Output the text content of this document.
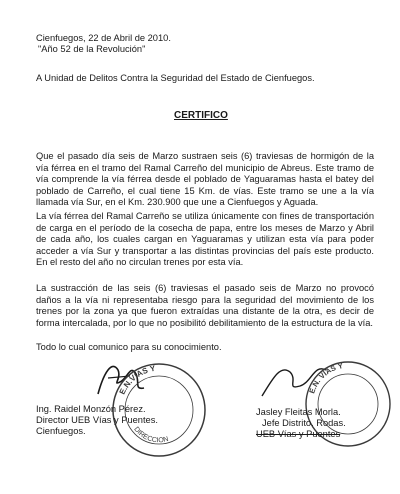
Cienfuegos, 22 de Abril de 2010.
"Año 52 de la Revolución"
A Unidad de Delitos Contra la Seguridad del Estado de Cienfuegos.
CERTIFICO
Que el pasado día seis de Marzo sustraen seis (6) traviesas de hormigón de la vía férrea en el tramo del Ramal Carreño del municipio de Abreus. Este tramo de vía comprende la vía férrea desde el poblado de Yaguaramas hasta el batey del poblado de Carreño, el cual tiene 15 Km. de vías. Este tramo se une a la vía llamada vía Sur, en el Km. 230.900 que une a Cienfuegos y Aguada.
La vía férrea del Ramal Carreño se utiliza únicamente con fines de transportación de carga en el período de la cosecha de papa, entre los meses de Marzo y Abril de cada año, los cuales cargan en Yaguaramas y utilizan esta vía para poder acceder a vía Sur y transportar a las distintas provincias del país este producto. En el resto del año no circulan trenes por esta vía.
La sustracción de las seis (6) traviesas el pasado seis de Marzo no provocó daños a la vía ni representaba riesgo para la seguridad del movimiento de los trenes por la zona ya que fueron extraídas una distante de la otra, es decir de forma intercalada, por lo que no posibilitó debilitamiento de la estructura de la vía.
Todo lo cual comunico para su conocimiento.
E.N.VIAS Y
DIRECCION
E.N. VIAS Y
Ing. Raidel Monzón Pérez.
Director UEB Vías y Puentes.
Cienfuegos.
Jasley Fleitas Morla.
Jefe Distrito. Rodas.
UEB Vías y Puentes
